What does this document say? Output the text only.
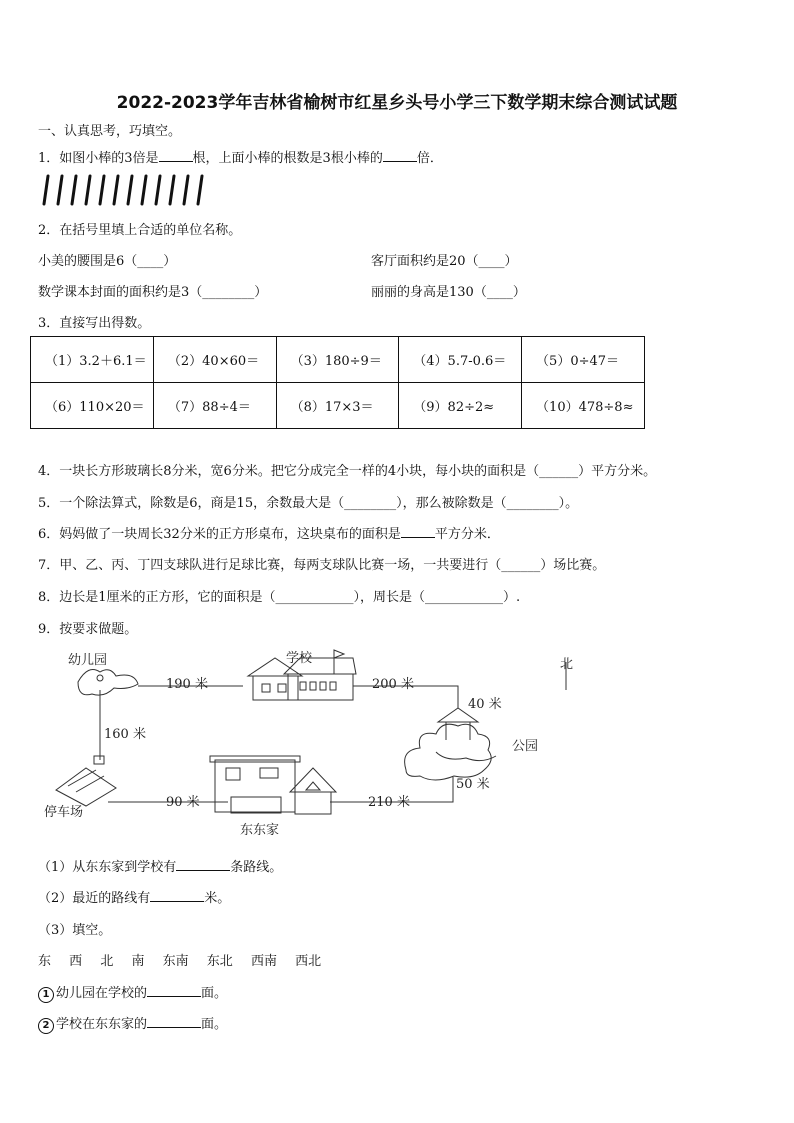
2022-2023学年吉林省榆树市红星乡头号小学三下数学期末综合测试试题
一、认真思考，巧填空。
1．如图小棒的3倍是	根，上面小棒的根数是3根小棒的	倍．
2．在括号里填上合适的单位名称。
小美的腰围是6（____）	客厅面积约是20（____）
数学课本封面的面积约是3（________）	丽丽的身高是130（____）
3．直接写出得数。
（1）3.2＋6.1＝	（2）40×60＝	（3）180÷9＝	（4）5.7-0.6＝	（5）0÷47＝
（6）110×20＝	（7）88÷4＝	（8）17×3＝	（9）82÷2≈	（10）478÷8≈
4．一块长方形玻璃长8分米，宽6分米。把它分成完全一样的4小块，每小块的面积是（______）平方分米。
5．一个除法算式，除数是6，商是15，余数最大是（________），那么被除数是（________）。
6．妈妈做了一块周长32分米的正方形桌布，这块桌布的面积是	平方分米．
7．甲、乙、丙、丁四支球队进行足球比赛，每两支球队比赛一场，一共要进行（______）场比赛。
8．边长是1厘米的正方形，它的面积是（____________），周长是（____________）.
9．按要求做题。
幼儿园	学校
公园
停车场
东东家
北
190 米	200 米
40 米
160 米
90 米	210 米
50 米
（1）从东东家到学校有	条路线。
（2）最近的路线有	米。
（3）填空。
东 西 北 南 东南 东北 西南 西北
1 幼儿园在学校的	面。
2 学校在东东家的	面。
